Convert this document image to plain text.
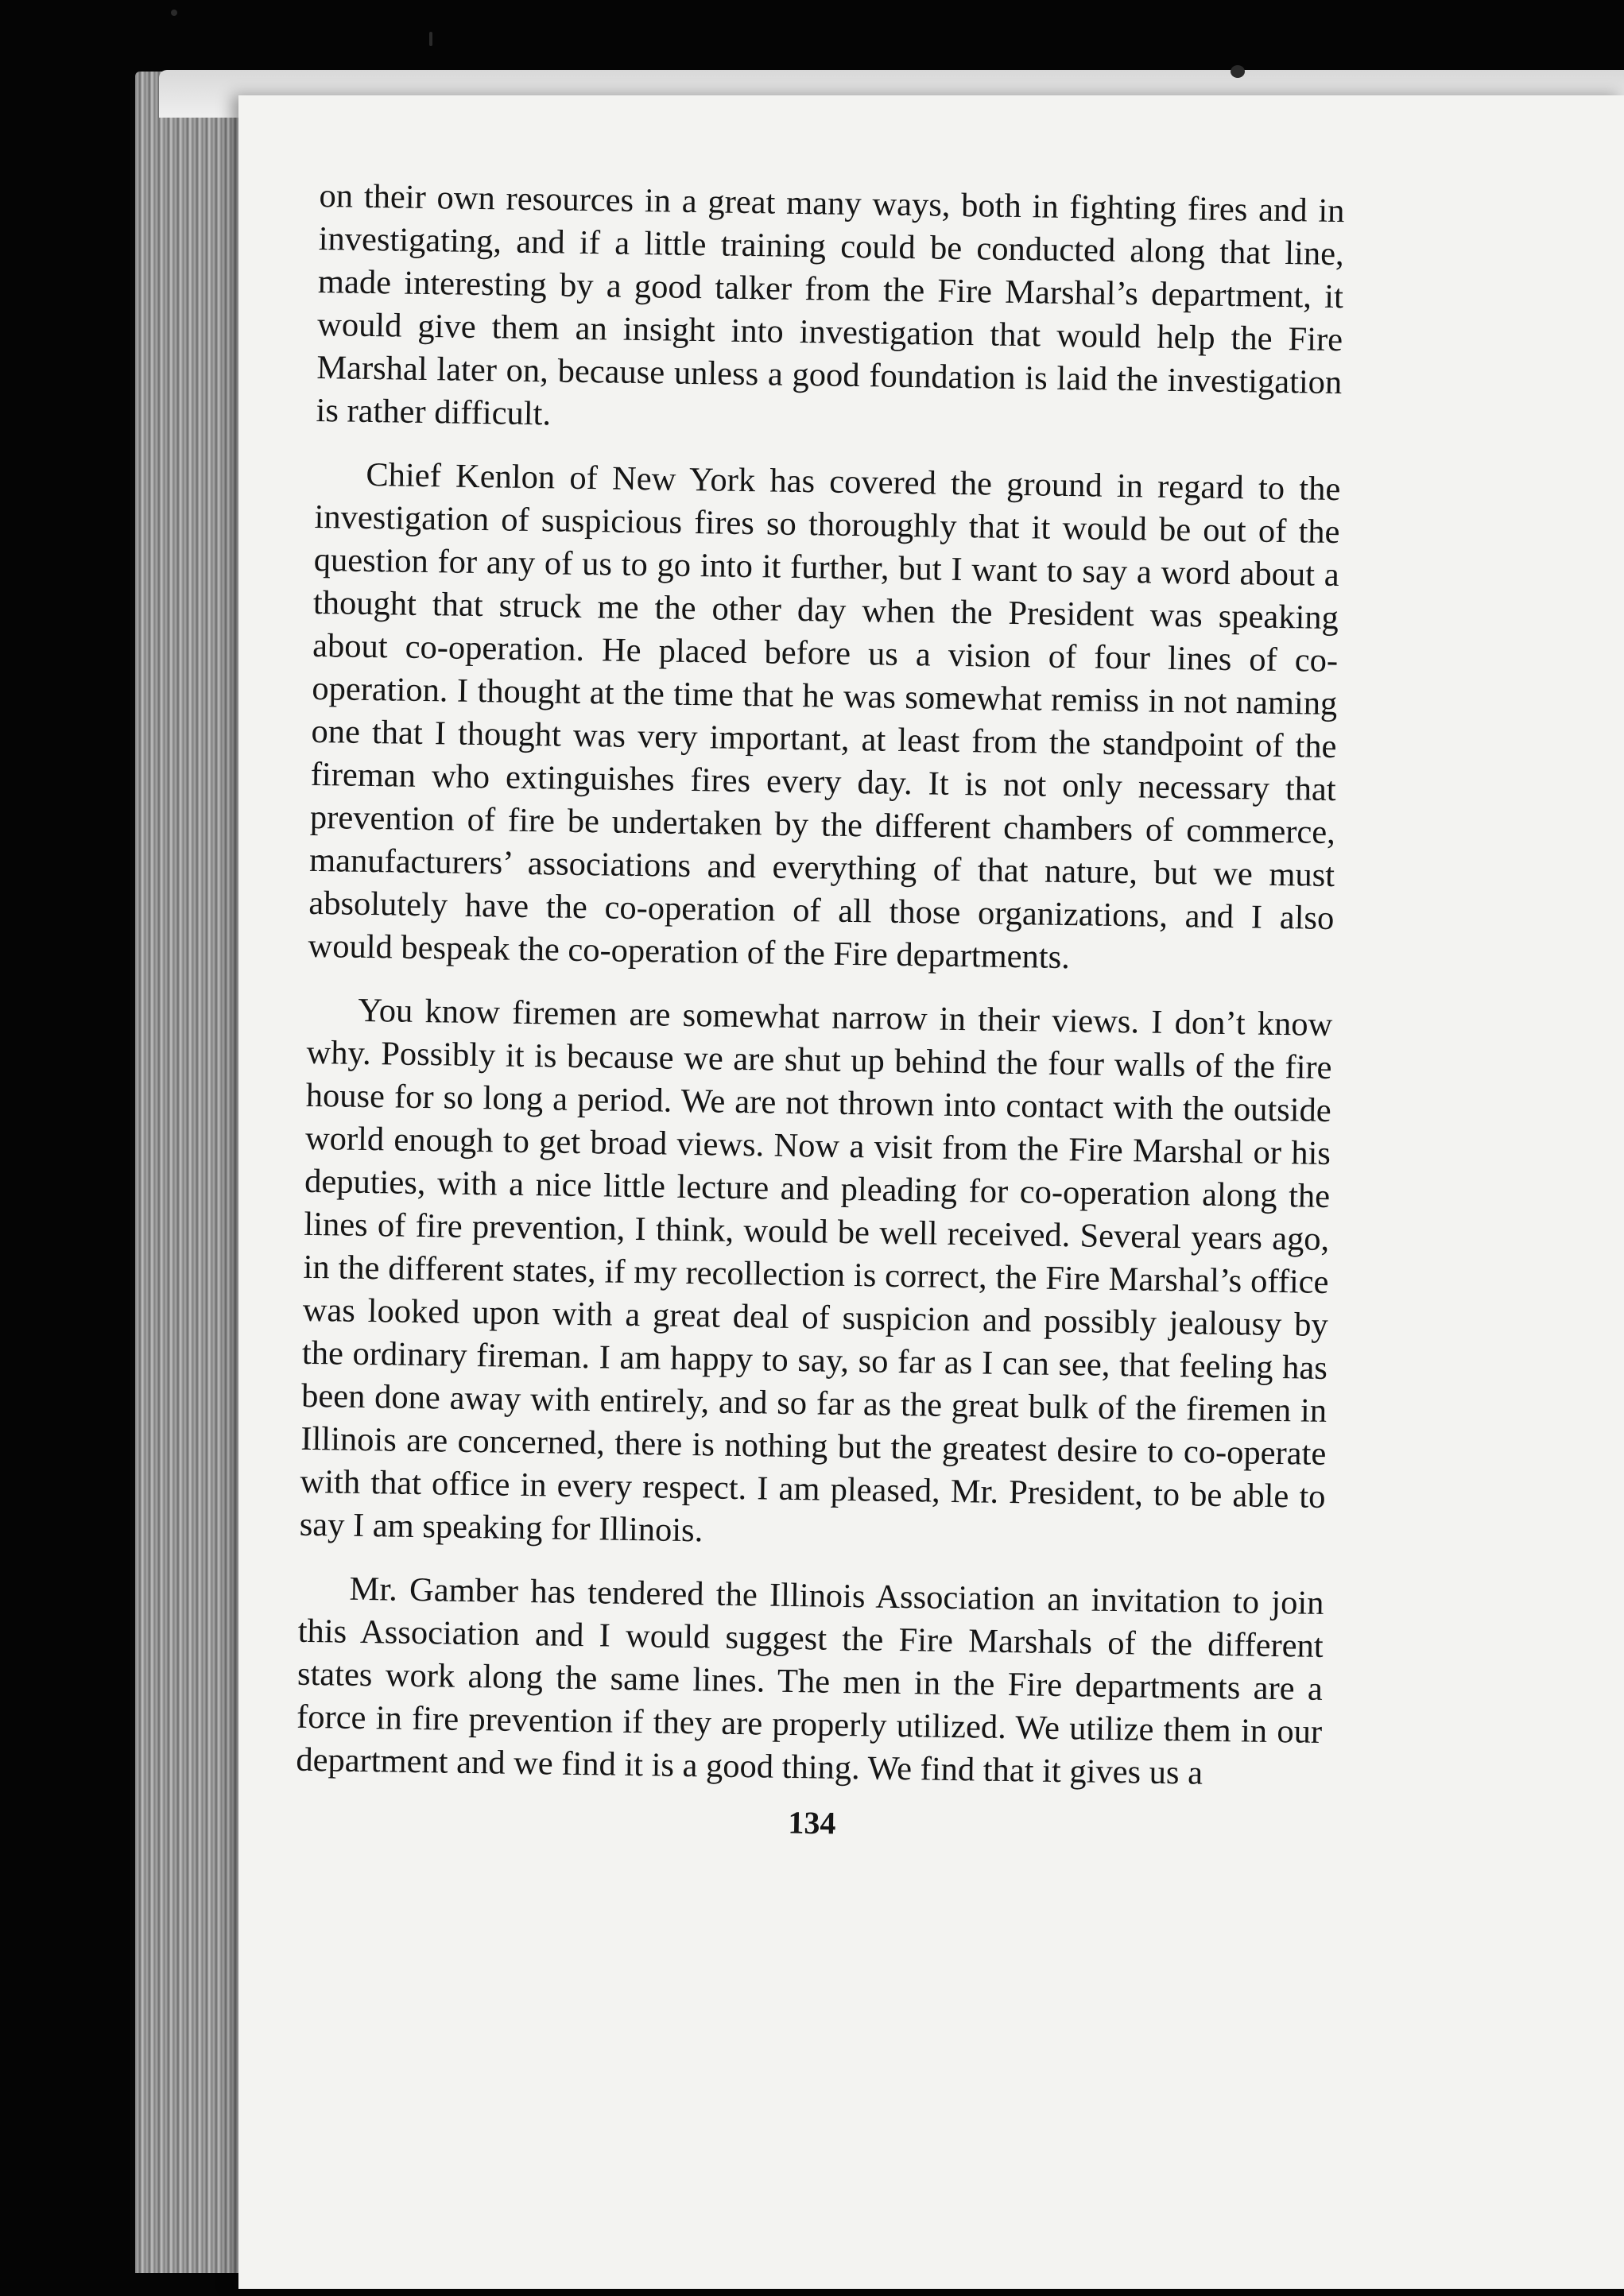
on their own resources in a great many ways, both in fighting fires and in investigating, and if a little training could be conducted along that line, made interesting by a good talker from the Fire Marshal’s department, it would give them an insight into investigation that would help the Fire Marshal later on, because unless a good foundation is laid the investigation is rather difficult.

Chief Kenlon of New York has covered the ground in regard to the investigation of suspicious fires so thoroughly that it would be out of the question for any of us to go into it further, but I want to say a word about a thought that struck me the other day when the President was speaking about co-operation. He placed before us a vision of four lines of co-operation. I thought at the time that he was somewhat remiss in not naming one that I thought was very important, at least from the standpoint of the fireman who extinguishes fires every day. It is not only necessary that prevention of fire be undertaken by the different chambers of commerce, manufacturers’ associations and everything of that nature, but we must absolutely have the co-operation of all those organizations, and I also would bespeak the co-operation of the Fire departments.

You know firemen are somewhat narrow in their views. I don’t know why. Possibly it is because we are shut up behind the four walls of the fire house for so long a period. We are not thrown into contact with the outside world enough to get broad views. Now a visit from the Fire Marshal or his deputies, with a nice little lecture and pleading for co-operation along the lines of fire prevention, I think, would be well received. Several years ago, in the different states, if my recollection is correct, the Fire Marshal’s office was looked upon with a great deal of suspicion and possibly jealousy by the ordinary fireman. I am happy to say, so far as I can see, that feeling has been done away with entirely, and so far as the great bulk of the firemen in Illinois are concerned, there is nothing but the greatest desire to co-operate with that office in every respect. I am pleased, Mr. President, to be able to say I am speaking for Illinois.

Mr. Gamber has tendered the Illinois Association an invitation to join this Association and I would suggest the Fire Marshals of the different states work along the same lines. The men in the Fire departments are a force in fire prevention if they are properly utilized. We utilize them in our department and we find it is a good thing. We find that it gives us a

134
